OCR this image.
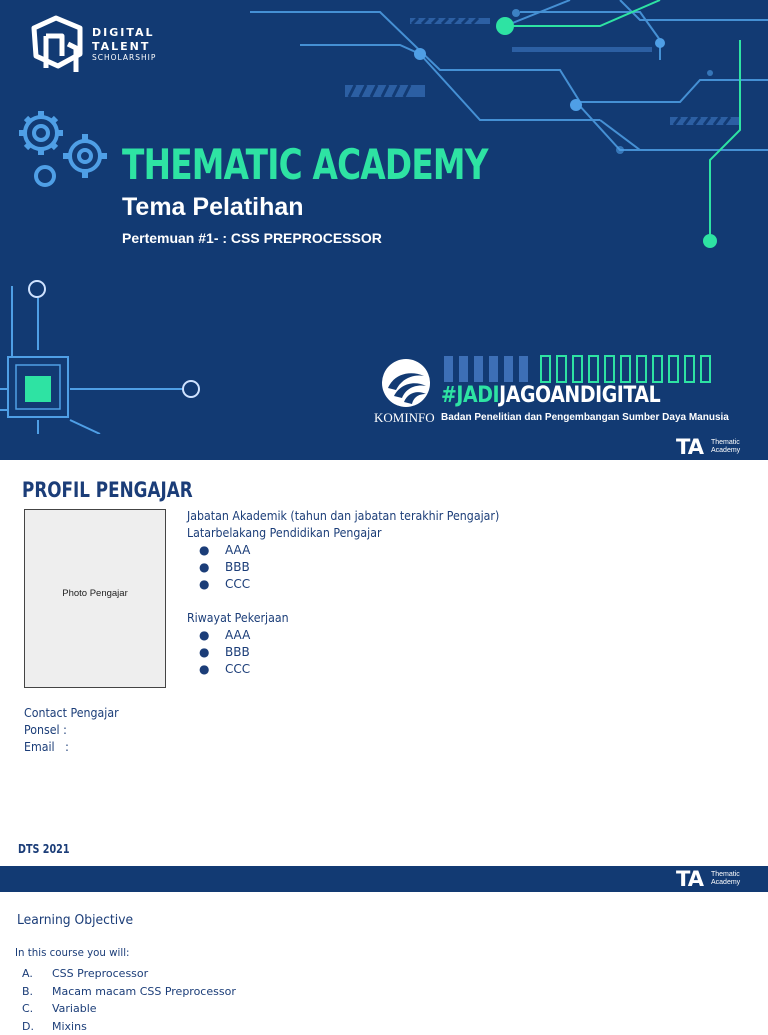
DIGITAL
TALENT
SCHOLARSHIP
THEMATIC ACADEMY
Tema Pelatihan
Pertemuan #1- : CSS PREPROCESSOR
KOMINFO
#JADIJAGOANDIGITAL
Badan Penelitian dan Pengembangan Sumber Daya Manusia
TA Thematic
Academy
PROFIL PENGAJAR
Photo Pengajar
Jabatan Akademik (tahun dan jabatan terakhir Pengajar)
Latarbelakang Pendidikan Pengajar
● AAA
● BBB
● CCC
Riwayat Pekerjaan
● AAA
● BBB
● CCC
Contact Pengajar
Ponsel :
Email   :
DTS 2021
TA Thematic
Academy
Learning Objective
In this course you will:
A. CSS Preprocessor
B. Macam macam CSS Preprocessor
C. Variable
D. Mixins
